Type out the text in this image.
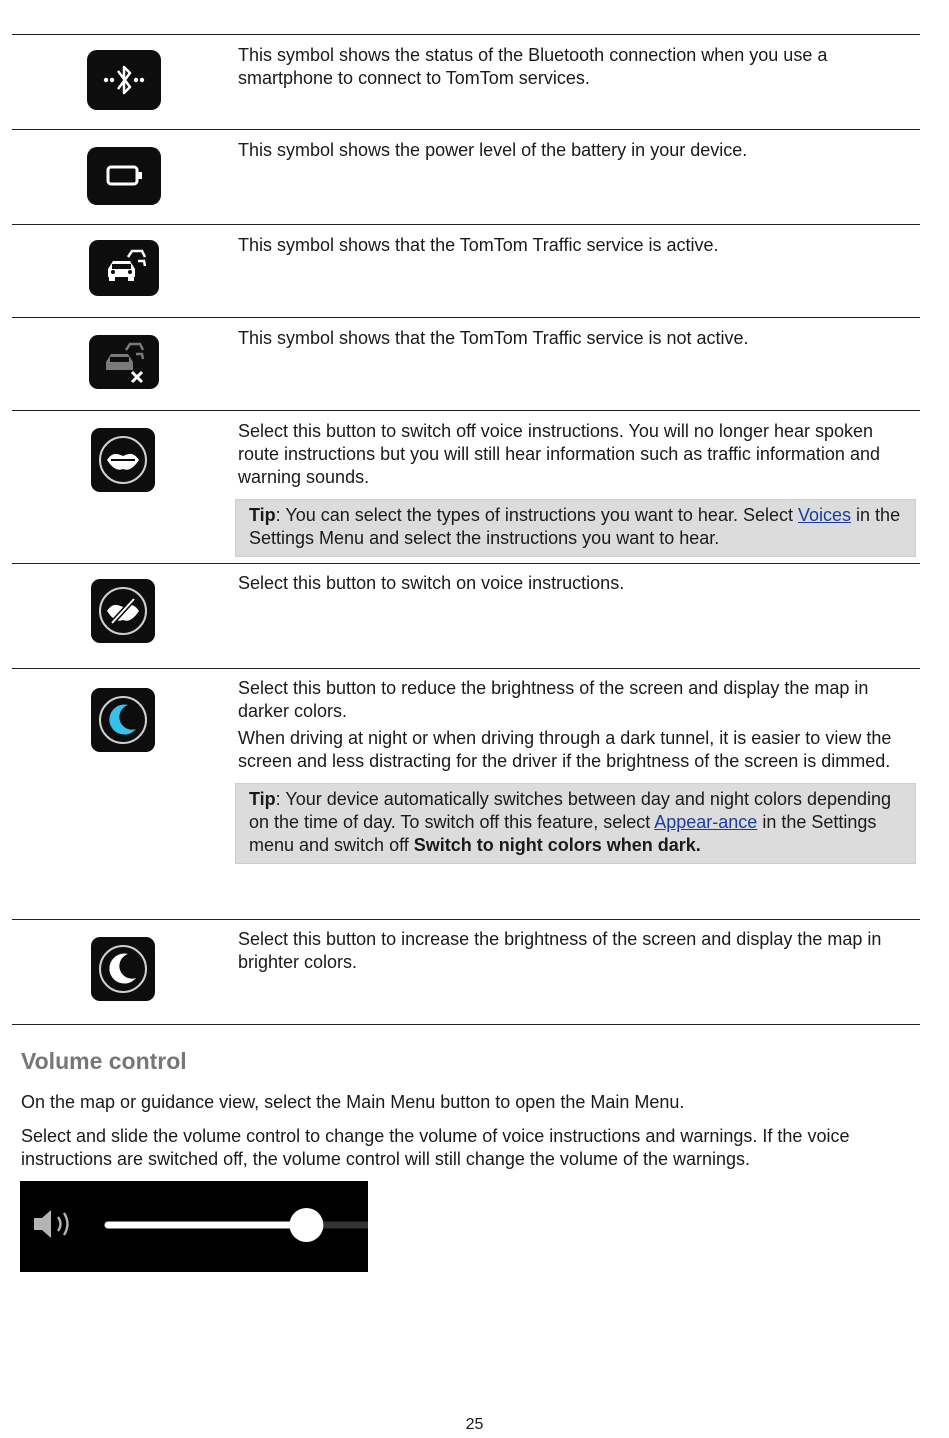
This symbol shows the status of the Bluetooth connection when you use a smartphone to connect to TomTom services.

This symbol shows the power level of the battery in your device.

This symbol shows that the TomTom Traffic service is active.

This symbol shows that the TomTom Traffic service is not active.

Select this button to switch off voice instructions. You will no longer hear spoken route instructions but you will still hear information such as traffic information and warning sounds.

Tip: You can select the types of instructions you want to hear. Select Voices in the Settings Menu and select the instructions you want to hear.

Select this button to switch on voice instructions.

Select this button to reduce the brightness of the screen and display the map in darker colors.

When driving at night or when driving through a dark tunnel, it is easier to view the screen and less distracting for the driver if the brightness of the screen is dimmed.

Tip: Your device automatically switches between day and night colors depending on the time of day. To switch off this feature, select Appear-ance in the Settings menu and switch off Switch to night colors when dark.

Select this button to increase the brightness of the screen and display the map in brighter colors.

Volume control

On the map or guidance view, select the Main Menu button to open the Main Menu.

Select and slide the volume control to change the volume of voice instructions and warnings. If the voice instructions are switched off, the volume control will still change the volume of the warnings.

25
